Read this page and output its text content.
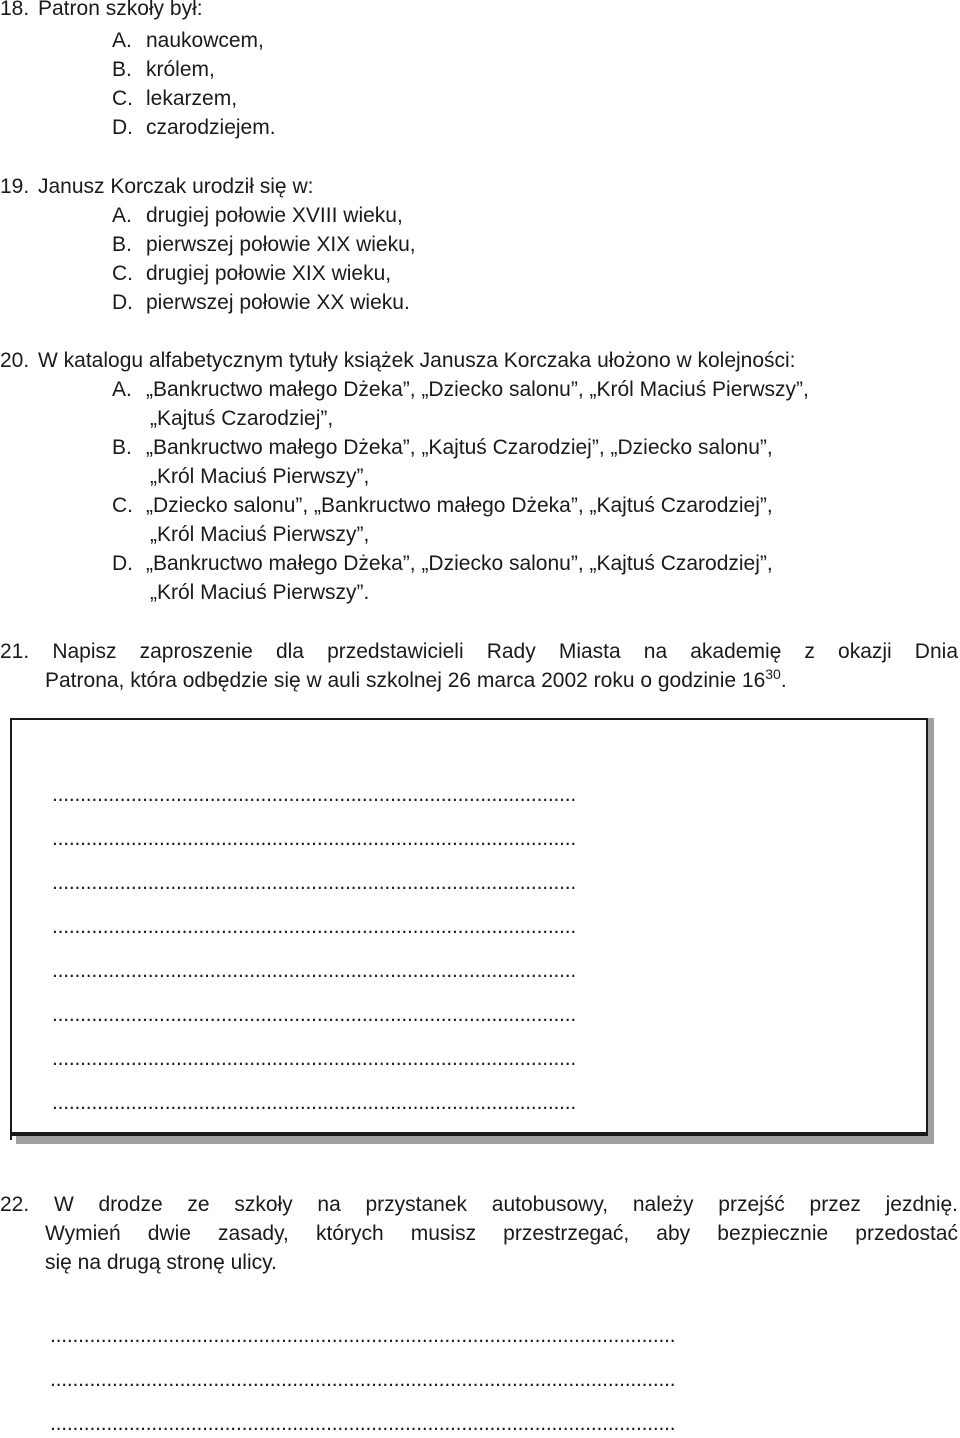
18. Patron szkoły był:
A. naukowcem,
B. królem,
C. lekarzem,
D. czarodziejem.
19. Janusz Korczak urodził się w:
A. drugiej połowie XVIII wieku,
B. pierwszej połowie XIX wieku,
C. drugiej połowie XIX wieku,
D. pierwszej połowie XX wieku.
20. W katalogu alfabetycznym tytuły książek Janusza Korczaka ułożono w kolejności:
A. „Bankructwo małego Dżeka”, „Dziecko salonu”, „Król Maciuś Pierwszy”,
„Kajtuś Czarodziej”,
B. „Bankructwo małego Dżeka”, „Kajtuś Czarodziej”, „Dziecko salonu”,
„Król Maciuś Pierwszy”,
C. „Dziecko salonu”, „Bankructwo małego Dżeka”, „Kajtuś Czarodziej”,
„Król Maciuś Pierwszy”,
D. „Bankructwo małego Dżeka”, „Dziecko salonu”, „Kajtuś Czarodziej”,
„Król Maciuś Pierwszy”.
21. Napisz zaproszenie dla przedstawicieli Rady Miasta na akademię z okazji Dnia
Patrona, która odbędzie się w auli szkolnej 26 marca 2002 roku o godzinie $16^{30}$.
.............................................................................................
.............................................................................................
.............................................................................................
.............................................................................................
.............................................................................................
.............................................................................................
.............................................................................................
.............................................................................................
22. W drodze ze szkoły na przystanek autobusowy, należy przejść przez jezdnię.
Wymień dwie zasady, których musisz przestrzegać, aby bezpiecznie przedostać
się na drugą stronę ulicy.
...............................................................................................................
...............................................................................................................
...............................................................................................................
